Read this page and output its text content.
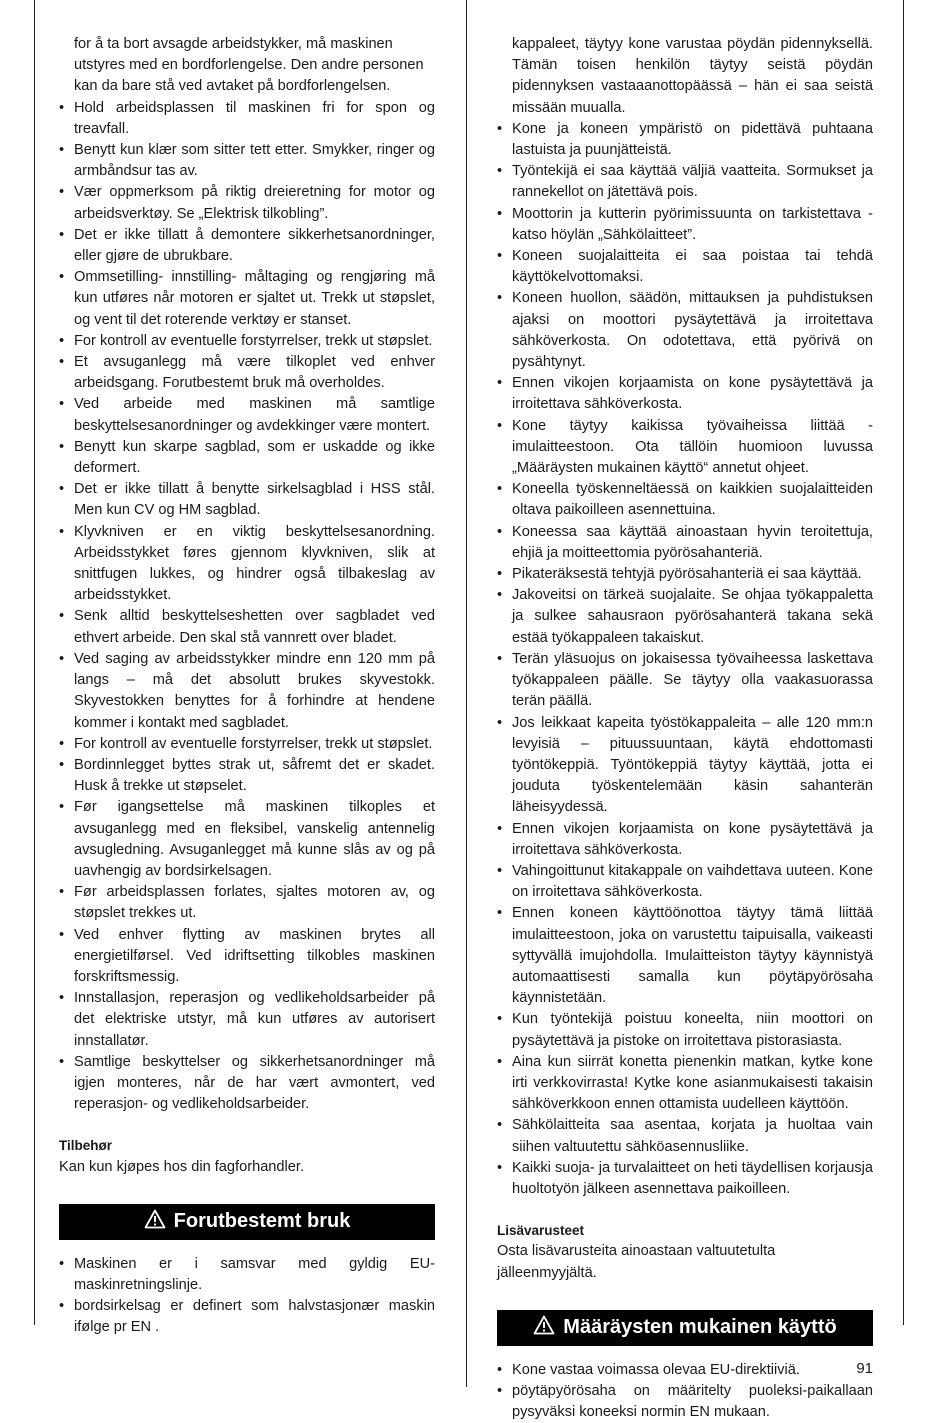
for å ta bort avsagde arbeidstykker, må maskinen utstyres med en bordforlengelse. Den andre personen kan da bare stå ved avtaket på bordforlengelsen.

• Hold arbeidsplassen til maskinen fri for spon og treavfall.
• Benytt kun klær som sitter tett etter. Smykker, ringer og armbåndsur tas av.
• Vær oppmerksom på riktig dreieretning for motor og arbeidsverktøy. Se „Elektrisk tilkobling”.
• Det er ikke tillatt å demontere sikkerhetsanordninger, eller gjøre de ubrukbare.
• Ommsetilling- innstilling- måltaging og rengjøring må kun utføres når motoren er sjaltet ut. Trekk ut støpslet, og vent til det roterende verktøy er stanset.
• For kontroll av eventuelle forstyrrelser, trekk ut støpslet.
• Et avsuganlegg må være tilkoplet ved enhver arbeidsgang. Forutbestemt bruk må overholdes.
• Ved arbeide med maskinen må samtlige beskyttelsesanordninger og avdekkinger være montert.
• Benytt kun skarpe sagblad, som er uskadde og ikke deformert.
• Det er ikke tillatt å benytte sirkelsagblad i HSS stål. Men kun CV og HM sagblad.
• Klyvkniven er en viktig beskyttelsesanordning. Arbeidsstykket føres gjennom klyvkniven, slik at snittfugen lukkes, og hindrer også tilbakeslag av arbeidsstykket.
• Senk alltid beskyttelseshetten over sagbladet ved ethvert arbeide. Den skal stå vannrett over bladet.
• Ved saging av arbeidsstykker mindre enn 120 mm på langs – må det absolutt brukes skyvestokk. Skyvestokken benyttes for å forhindre at hendene kommer i kontakt med sagbladet.
• For kontroll av eventuelle forstyrrelser, trekk ut støpslet.
• Bordinnlegget byttes strak ut, såfremt det er skadet. Husk å trekke ut støpselet.
• Før igangsettelse må maskinen tilkoples et avsuganlegg med en fleksibel, vanskelig antennelig avsugledning. Avsuganlegget må kunne slås av og på uavhengig av bordsirkelsagen.
• Før arbeidsplassen forlates, sjaltes motoren av, og støpslet trekkes ut.
• Ved enhver flytting av maskinen brytes all energietilførsel. Ved idriftsetting tilkobles maskinen forskriftsmessig.
• Innstallasjon, reperasjon og vedlikeholdsarbeider på det elektriske utstyr, må kun utføres av autorisert innstallatør.
• Samtlige beskyttelser og sikkerhetsanordninger må igjen monteres, når de har vært avmontert, ved reperasjon- og vedlikeholdsarbeider.
Tilbehør

Kan kun kjøpes hos din fagforhandler.

Forutbestemt bruk
• Maskinen er i samsvar med gyldig EU-maskinretningslinje.
• bordsirkelsag er definert som halvstasjonær maskin ifølge pr EN .

kappaleet, täytyy kone varustaa pöydän pidennyksellä. Tämän toisen henkilön täytyy seistä pöydän pidennyksen vastaaanottopäässä – hän ei saa seistä missään muualla.

• Kone ja koneen ympäristö on pidettävä puhtaana lastuista ja puunjätteistä.
• Työntekijä ei saa käyttää väljiä vaatteita. Sormukset ja rannekellot on jätettävä pois.
• Moottorin ja kutterin pyörimissuunta on tarkistettava - katso höylän „Sähkölaitteet”.
• Koneen suojalaitteita ei saa poistaa tai tehdä käyttökelvottomaksi.
• Koneen huollon, säädön, mittauksen ja puhdistuksen ajaksi on moottori pysäytettävä ja irroitettava sähköverkosta. On odotettava, että pyörivä on pysähtynyt.
• Ennen vikojen korjaamista on kone pysäytettävä ja irroitettava sähköverkosta.
• Kone täytyy kaikissa työvaiheissa liittää -imulaitteestoon. Ota tällöin huomioon luvussa „Määräysten mukainen käyttö“ annetut ohjeet.
• Koneella työskenneltäessä on kaikkien suojalaitteiden oltava paikoilleen asennettuina.
• Koneessa saa käyttää ainoastaan hyvin teroitettuja, ehjiä ja moitteettomia pyörösahanteriä.
• Pikateräksestä tehtyjä pyörösahanteriä ei saa käyttää.
• Jakoveitsi on tärkeä suojalaite. Se ohjaa työkappaletta ja sulkee sahausraon pyörösahanterä takana sekä estää työkappaleen takaiskut.
• Terän yläsuojus on jokaisessa työvaiheessa laskettava työkappaleen päälle. Se täytyy olla vaakasuorassa terän päällä.
• Jos leikkaat kapeita työstökappaleita – alle 120 mm:n levyisiä – pituussuuntaan, käytä ehdottomasti työntökeppiä. Työntökeppiä täytyy käyttää, jotta ei jouduta työskentelemään käsin sahanterän läheisyydessä.
• Ennen vikojen korjaamista on kone pysäytettävä ja irroitettava sähköverkosta.
• Vahingoittunut kitakappale on vaihdettava uuteen. Kone on irroitettava sähköverkosta.
• Ennen koneen käyttöönottoa täytyy tämä liittää imulaitteestoon, joka on varustettu taipuisalla, vaikeasti syttyvällä imujohdolla. Imulaitteiston täytyy käynnistyä automaattisesti samalla kun pöytäpyörösaha käynnistetään.
• Kun työntekijä poistuu koneelta, niin moottori on pysäytettävä ja pistoke on irroitettava pistorasiasta.
• Aina kun siirrät konetta pienenkin matkan, kytke kone irti verkkovirrasta! Kytke kone asianmukaisesti takaisin sähköverkkoon ennen ottamista uudelleen käyttöön.
• Sähkölaitteita saa asentaa, korjata ja huoltaa vain siihen valtuutettu sähköasennusliike.
• Kaikki suoja- ja turvalaitteet on heti täydellisen korjausja huoltotyön jälkeen asennettava paikoilleen.
Lisävarusteet

Osta lisävarusteita ainoastaan valtuutetulta jälleenmyyjältä.

Määräysten mukainen käyttö
• Kone vastaa voimassa olevaa EU-direktiiviä.
• pöytäpyörösaha on määritelty puoleksi-paikallaan pysyväksi koneeksi normin EN mukaan.
91
